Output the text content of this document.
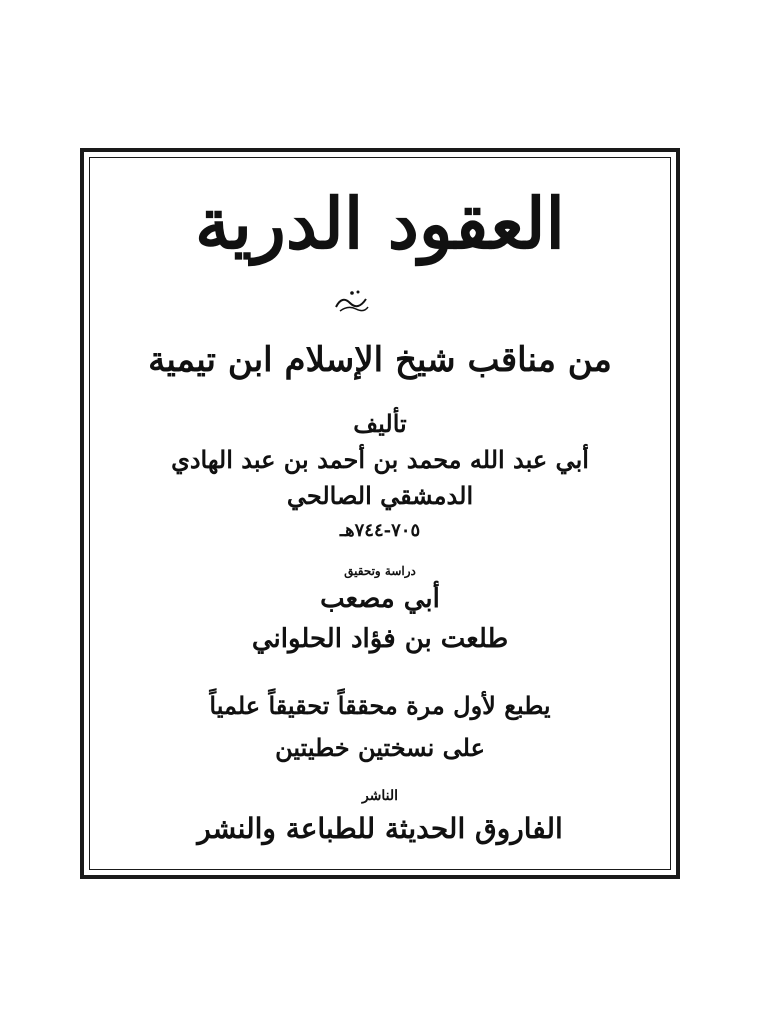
العقود الدرية
من مناقب شيخ الإسلام ابن تيمية
تأليف
أبي عبد الله محمد بن أحمد بن عبد الهادي
الدمشقي الصالحي
٧٠٥-٧٤٤هـ
دراسة وتحقيق
أبي مصعب
طلعت بن فؤاد الحلواني
يطبع لأول مرة محققاً تحقيقاً علمياً
على نسختين خطيتين
الناشر
الفاروق الحديثة للطباعة والنشر
